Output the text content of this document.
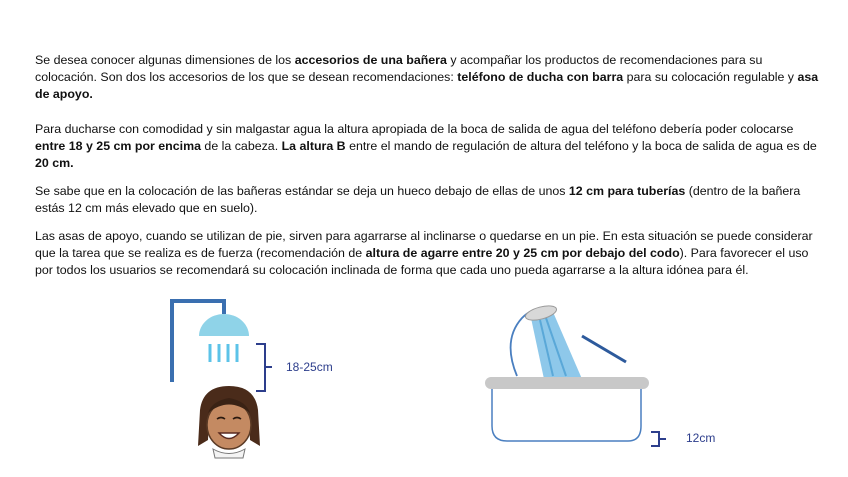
Se desea conocer algunas dimensiones de los accesorios de una bañera y acompañar los productos de recomendaciones para su colocación. Son dos los accesorios de los que se desean recomendaciones: teléfono de ducha con barra para su colocación regulable y asa de apoyo.

Para ducharse con comodidad y sin malgastar agua la altura apropiada de la boca de salida de agua del teléfono debería poder colocarse entre 18 y 25 cm por encima de la cabeza. La altura B entre el mando de regulación de altura del teléfono y la boca de salida de agua es de 20 cm.

Se sabe que en la colocación de las bañeras estándar se deja un hueco debajo de ellas de unos 12 cm para tuberías (dentro de la bañera estás 12 cm más elevado que en suelo).

Las asas de apoyo, cuando se utilizan de pie, sirven para agarrarse al inclinarse o quedarse en un pie. En esta situación se puede considerar que la tarea que se realiza es de fuerza (recomendación de altura de agarre entre 20 y 25 cm por debajo del codo). Para favorecer el uso por todos los usuarios se recomendará su colocación inclinada de forma que cada uno pueda agarrarse a la altura idónea para él.

18-25cm
12cm
